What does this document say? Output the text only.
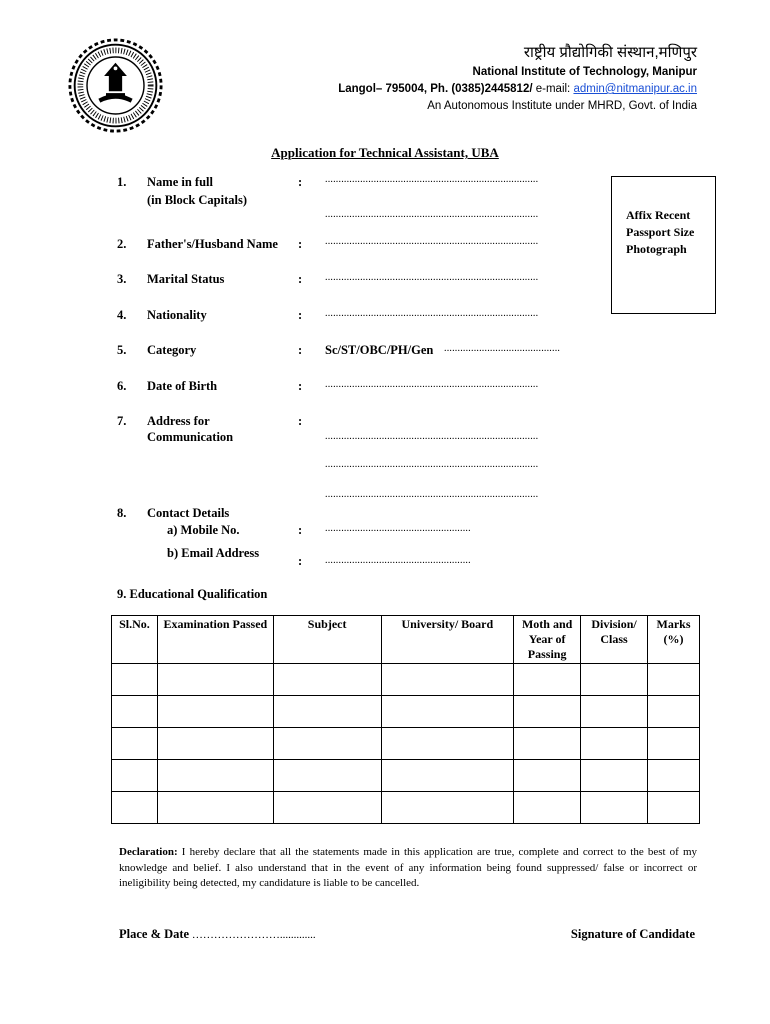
राष्ट्रीय प्रौद्योगिकी संस्थान,मणिपुर
National Institute of Technology, Manipur
Langol– 795004, Ph. (0385)2445812/ e-mail: admin@nitmanipur.ac.in
An Autonomous Institute under MHRD, Govt. of India
Application for Technical Assistant, UBA
1. Name in full
(in Block Capitals)
: ...............................................................................
...............................................................................
2. Father's/Husband Name : ...............................................................................
3. Marital Status	: ...............................................................................
Affix Recent
Passport Size
Photograph
4. Nationality	: ...............................................................................
5. Category	: Sc/ST/OBC/PH/Gen ...........................................
6. Date of Birth	: ...............................................................................
7. Address for
Communication
:
...............................................................................
...............................................................................
...............................................................................
8. Contact Details
a) Mobile No.	: ......................................................
b) Email Address
: ......................................................
9. Educational Qualification
Sl.No.	Examination Passed	Subject	University/ Board	Moth and Year of Passing	Division/ Class	Marks (%)

Declaration: I hereby declare that all the statements made in this application are true, complete and correct to the best of my knowledge and belief. I also understand that in the event of any information being found suppressed/ false or incorrect or ineligibility being detected, my candidature is liable to be cancelled.
Place & Date …………………….............	Signature of Candidate
